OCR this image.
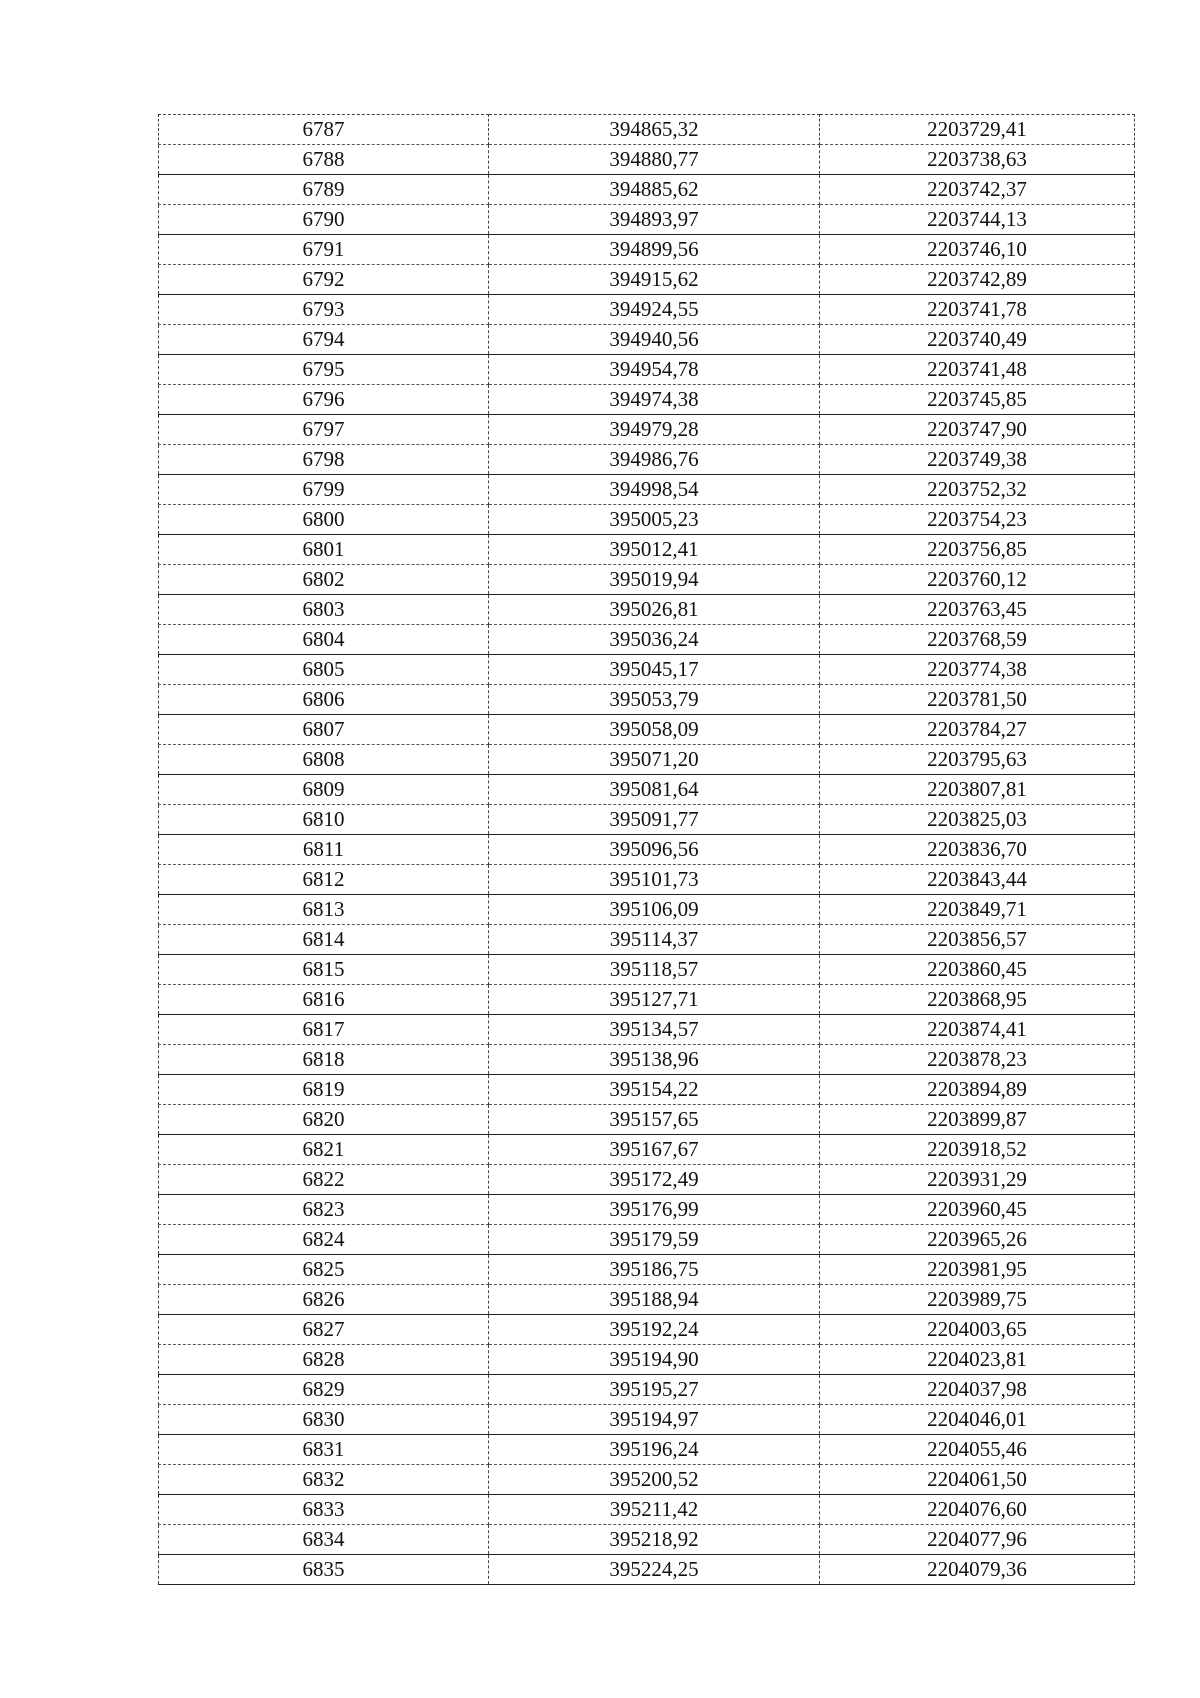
6787	394865,32	2203729,41
6788	394880,77	2203738,63
6789	394885,62	2203742,37
6790	394893,97	2203744,13
6791	394899,56	2203746,10
6792	394915,62	2203742,89
6793	394924,55	2203741,78
6794	394940,56	2203740,49
6795	394954,78	2203741,48
6796	394974,38	2203745,85
6797	394979,28	2203747,90
6798	394986,76	2203749,38
6799	394998,54	2203752,32
6800	395005,23	2203754,23
6801	395012,41	2203756,85
6802	395019,94	2203760,12
6803	395026,81	2203763,45
6804	395036,24	2203768,59
6805	395045,17	2203774,38
6806	395053,79	2203781,50
6807	395058,09	2203784,27
6808	395071,20	2203795,63
6809	395081,64	2203807,81
6810	395091,77	2203825,03
6811	395096,56	2203836,70
6812	395101,73	2203843,44
6813	395106,09	2203849,71
6814	395114,37	2203856,57
6815	395118,57	2203860,45
6816	395127,71	2203868,95
6817	395134,57	2203874,41
6818	395138,96	2203878,23
6819	395154,22	2203894,89
6820	395157,65	2203899,87
6821	395167,67	2203918,52
6822	395172,49	2203931,29
6823	395176,99	2203960,45
6824	395179,59	2203965,26
6825	395186,75	2203981,95
6826	395188,94	2203989,75
6827	395192,24	2204003,65
6828	395194,90	2204023,81
6829	395195,27	2204037,98
6830	395194,97	2204046,01
6831	395196,24	2204055,46
6832	395200,52	2204061,50
6833	395211,42	2204076,60
6834	395218,92	2204077,96
6835	395224,25	2204079,36
